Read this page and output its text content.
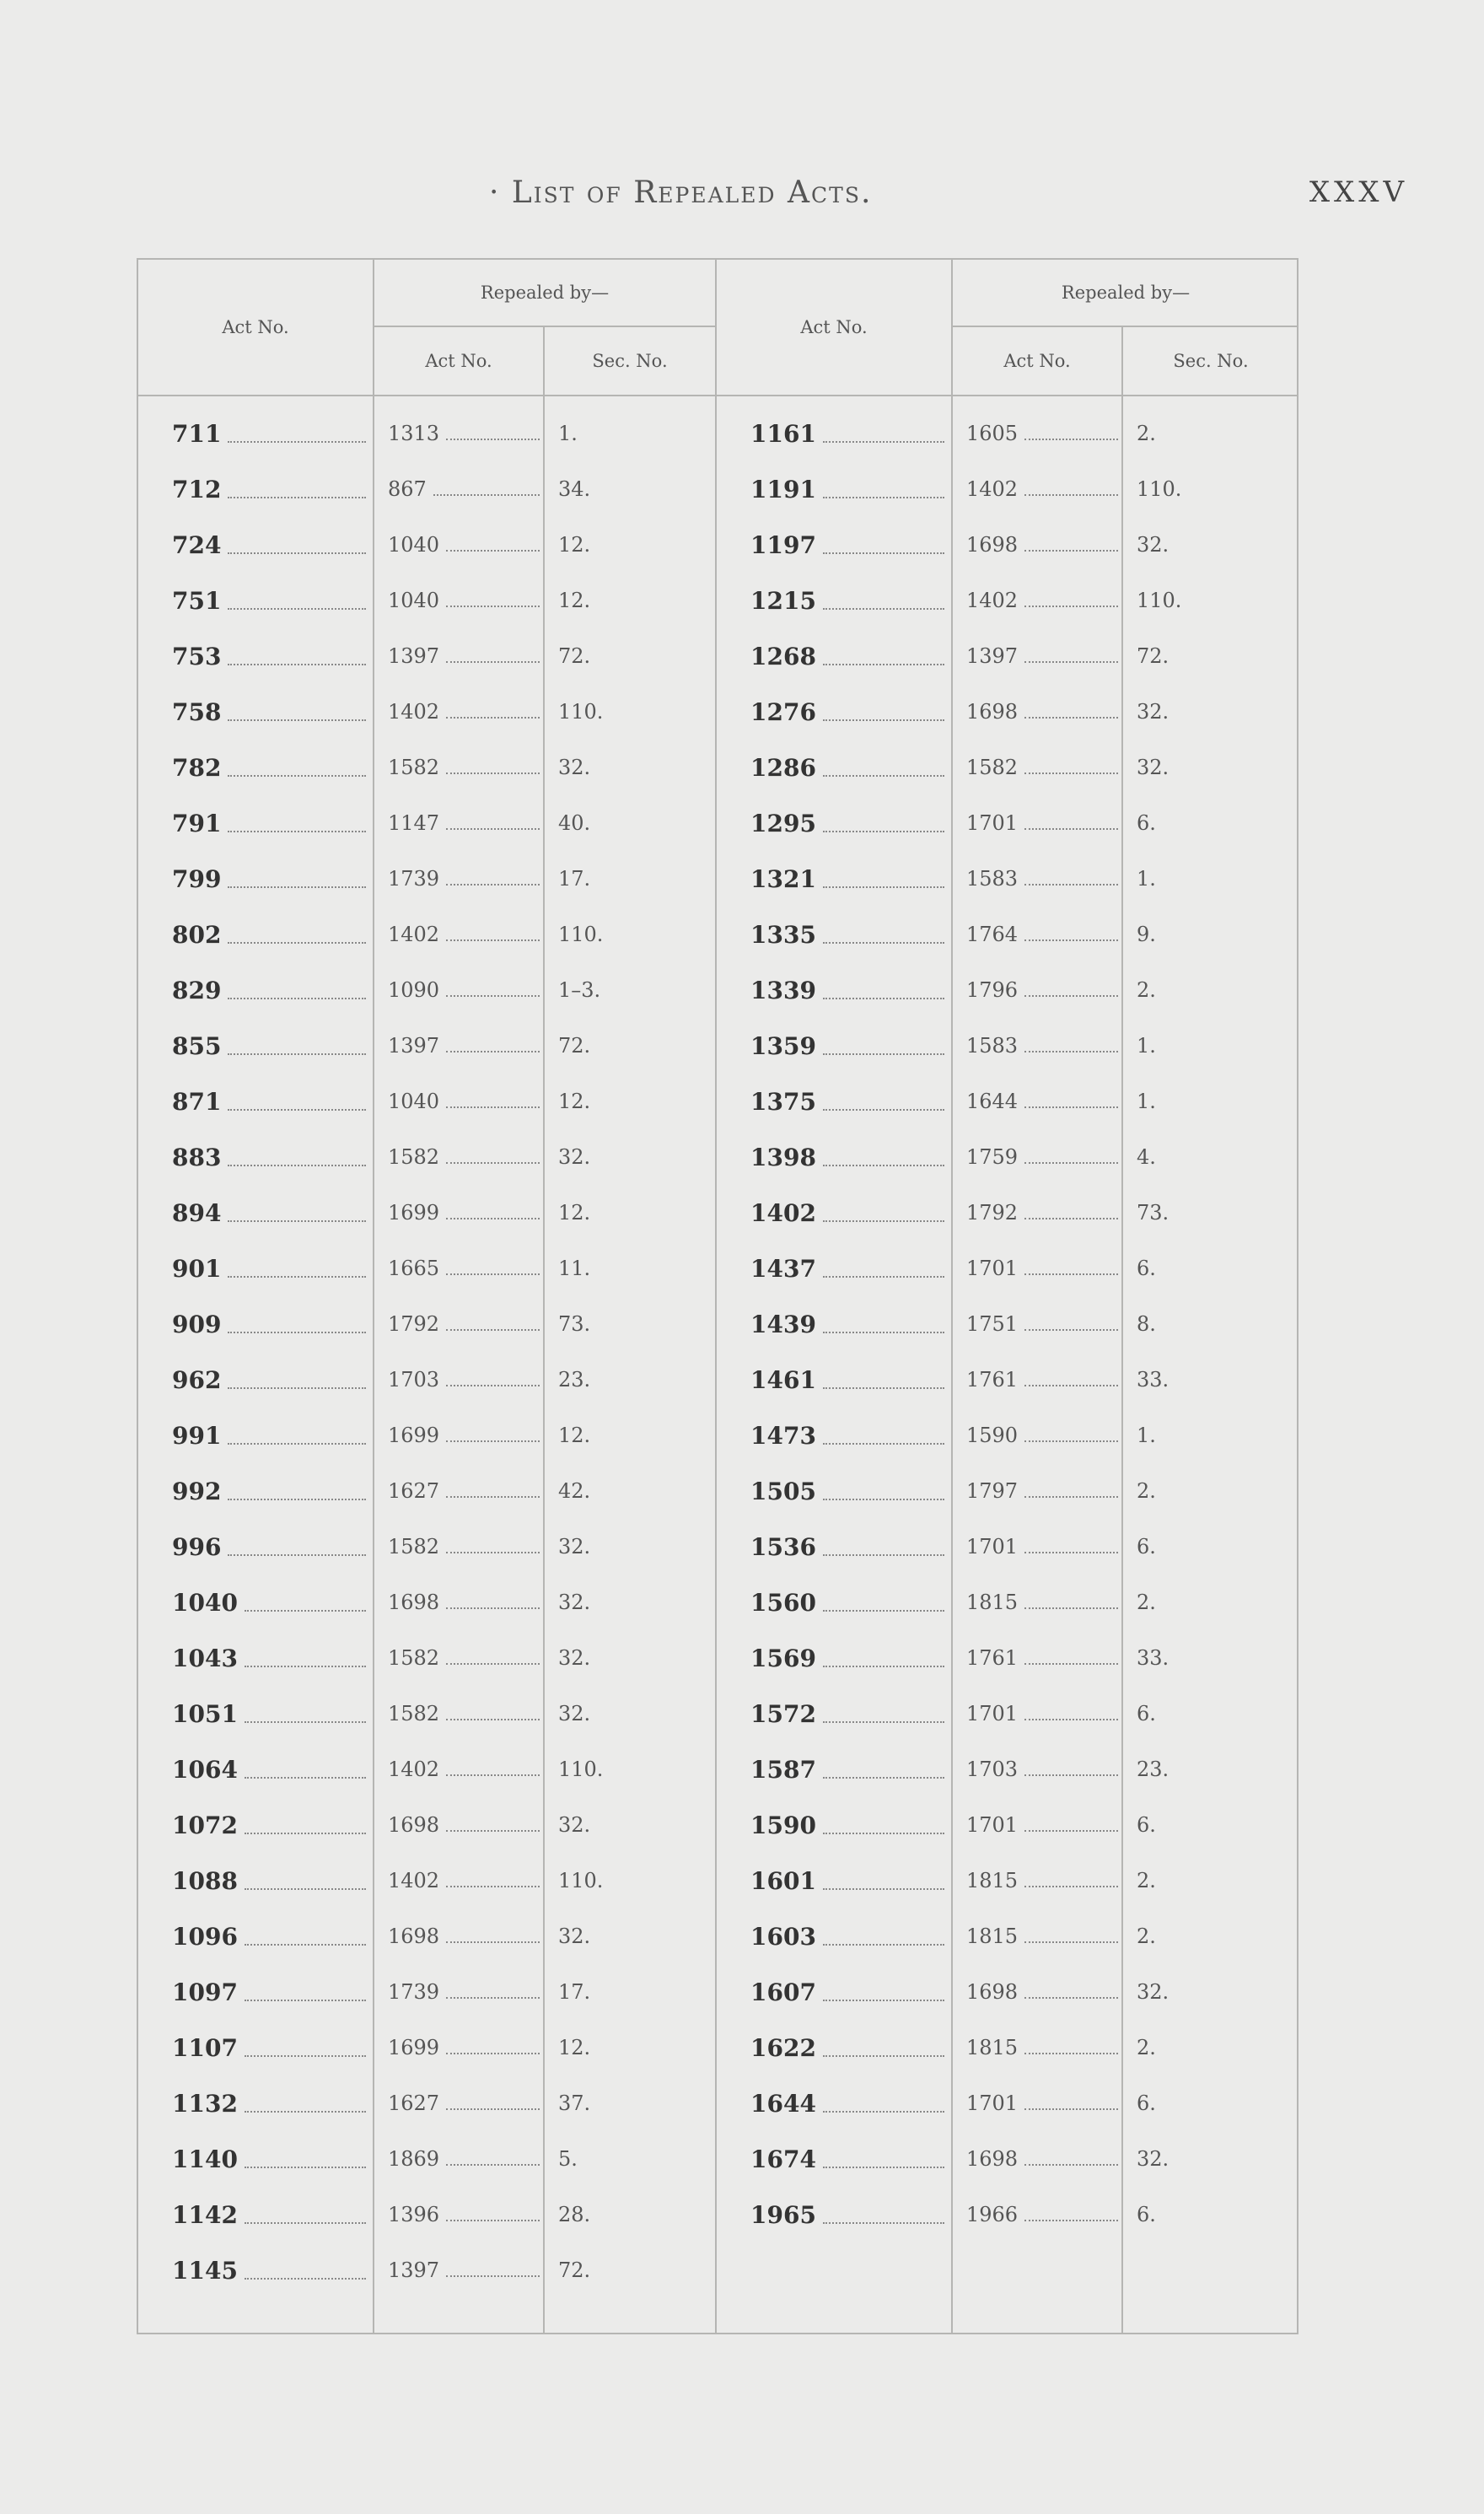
· List of Repealed Acts.	XXXV
Act No.
Repealed by—
Act No.	Sec. No.
711	1313	1.
712	867	34.
724	1040	12.
751	1040	12.
753	1397	72.
758	1402	110.
782	1582	32.
791	1147	40.
799	1739	17.
802	1402	110.
829	1090	1–3.
855	1397	72.
871	1040	12.
883	1582	32.
894	1699	12.
901	1665	11.
909	1792	73.
962	1703	23.
991	1699	12.
992	1627	42.
996	1582	32.
1040	1698	32.
1043	1582	32.
1051	1582	32.
1064	1402	110.
1072	1698	32.
1088	1402	110.
1096	1698	32.
1097	1739	17.
1107	1699	12.
1132	1627	37.
1140	1869	5.
1142	1396	28.
1145	1397	72.
Act No.
Repealed by—
Act No.	Sec. No.
1161	1605	2.
1191	1402	110.
1197	1698	32.
1215	1402	110.
1268	1397	72.
1276	1698	32.
1286	1582	32.
1295	1701	6.
1321	1583	1.
1335	1764	9.
1339	1796	2.
1359	1583	1.
1375	1644	1.
1398	1759	4.
1402	1792	73.
1437	1701	6.
1439	1751	8.
1461	1761	33.
1473	1590	1.
1505	1797	2.
1536	1701	6.
1560	1815	2.
1569	1761	33.
1572	1701	6.
1587	1703	23.
1590	1701	6.
1601	1815	2.
1603	1815	2.
1607	1698	32.
1622	1815	2.
1644	1701	6.
1674	1698	32.
1965	1966	6.
